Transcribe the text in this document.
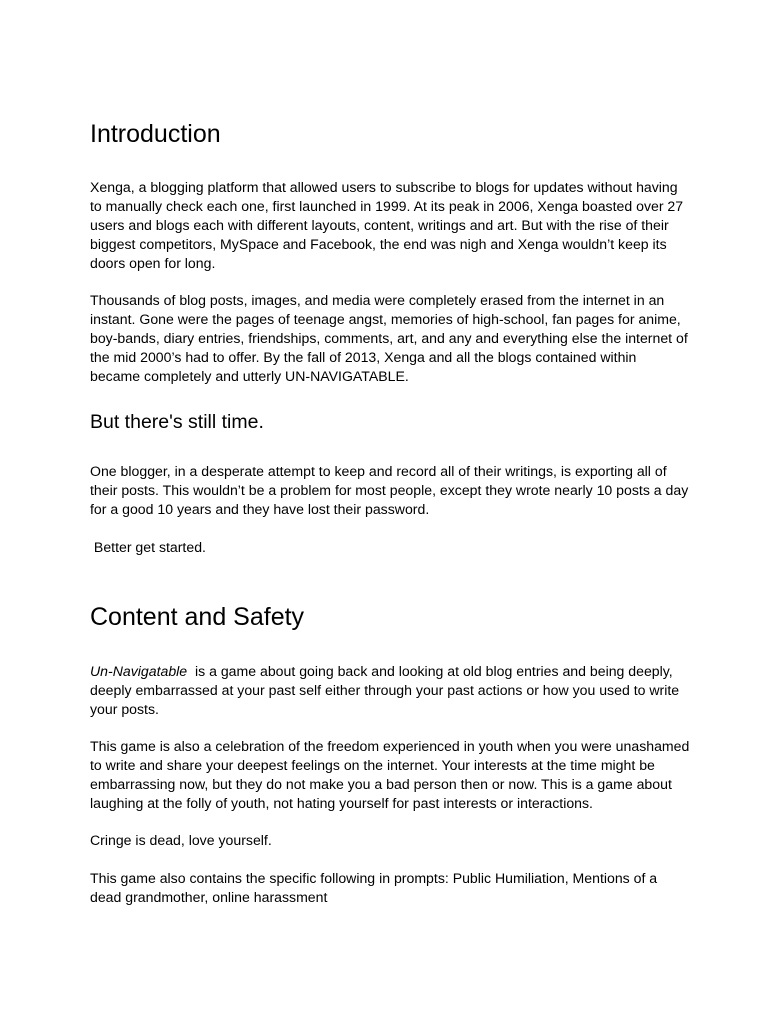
Introduction

Xenga, a blogging platform that allowed users to subscribe to blogs for updates without having to manually check each one, first launched in 1999. At its peak in 2006, Xenga boasted over 27 users and blogs each with different layouts, content, writings and art. But with the rise of their biggest competitors, MySpace and Facebook, the end was nigh and Xenga wouldn’t keep its doors open for long.

Thousands of blog posts, images, and media were completely erased from the internet in an instant. Gone were the pages of teenage angst, memories of high-school, fan pages for anime, boy-bands, diary entries, friendships, comments, art, and any and everything else the internet of the mid 2000’s had to offer. By the fall of 2013, Xenga and all the blogs contained within became completely and utterly UN-NAVIGATABLE.

But there's still time.

One blogger, in a desperate attempt to keep and record all of their writings, is exporting all of their posts. This wouldn’t be a problem for most people, except they wrote nearly 10 posts a day for a good 10 years and they have lost their password.

Better get started.

Content and Safety

Un-Navigatable  is a game about going back and looking at old blog entries and being deeply, deeply embarrassed at your past self either through your past actions or how you used to write your posts.

This game is also a celebration of the freedom experienced in youth when you were unashamed to write and share your deepest feelings on the internet. Your interests at the time might be embarrassing now, but they do not make you a bad person then or now. This is a game about laughing at the folly of youth, not hating yourself for past interests or interactions.

Cringe is dead, love yourself.

This game also contains the specific following in prompts: Public Humiliation, Mentions of a dead grandmother, online harassment
